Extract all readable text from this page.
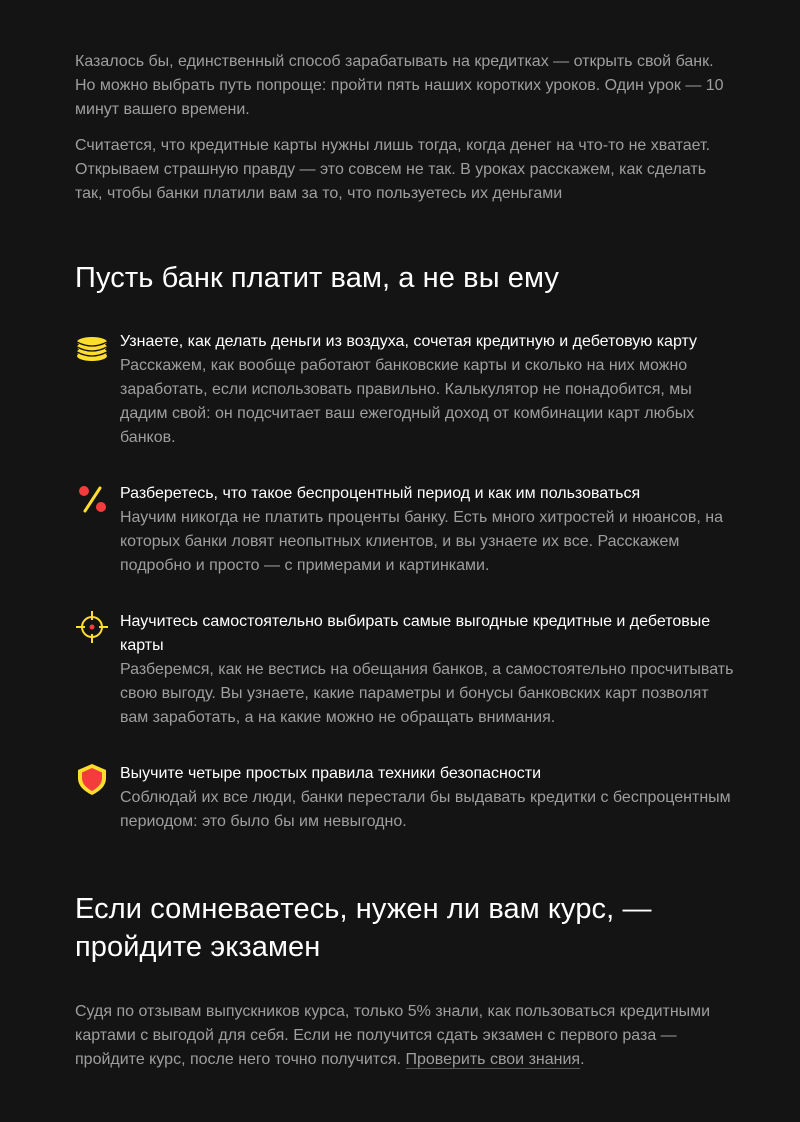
Казалось бы, единственный способ зарабатывать на кредитках — открыть свой банк. Но можно выбрать путь попроще: пройти пять наших коротких уроков. Один урок — 10 минут вашего времени.

Считается, что кредитные карты нужны лишь тогда, когда денег на что-то не хватает. Открываем страшную правду — это совсем не так. В уроках расскажем, как сделать так, чтобы банки платили вам за то, что пользуетесь их деньгами

Пусть банк платит вам, а не вы ему
Узнаете, как делать деньги из воздуха, сочетая кредитную и дебетовую карту
Расскажем, как вообще работают банковские карты и сколько на них можно заработать, если использовать правильно. Калькулятор не понадобится, мы дадим свой: он подсчитает ваш ежегодный доход от комбинации карт любых банков.
Разберетесь, что такое беспроцентный период и как им пользоваться
Научим никогда не платить проценты банку. Есть много хитростей и нюансов, на которых банки ловят неопытных клиентов, и вы узнаете их все. Расскажем подробно и просто — с примерами и картинками.
Научитесь самостоятельно выбирать самые выгодные кредитные и дебетовые карты
Разберемся, как не вестись на обещания банков, а самостоятельно просчитывать свою выгоду. Вы узнаете, какие параметры и бонусы банковских карт позволят вам заработать, а на какие можно не обращать внимания.
Выучите четыре простых правила техники безопасности
Соблюдай их все люди, банки перестали бы выдавать кредитки с беспроцентным периодом: это было бы им невыгодно.
Если сомневаетесь, нужен ли вам курс, — пройдите экзамен

Судя по отзывам выпускников курса, только 5% знали, как пользоваться кредитными картами с выгодой для себя. Если не получится сдать экзамен с первого раза — пройдите курс, после него точно получится. Проверить свои знания.
